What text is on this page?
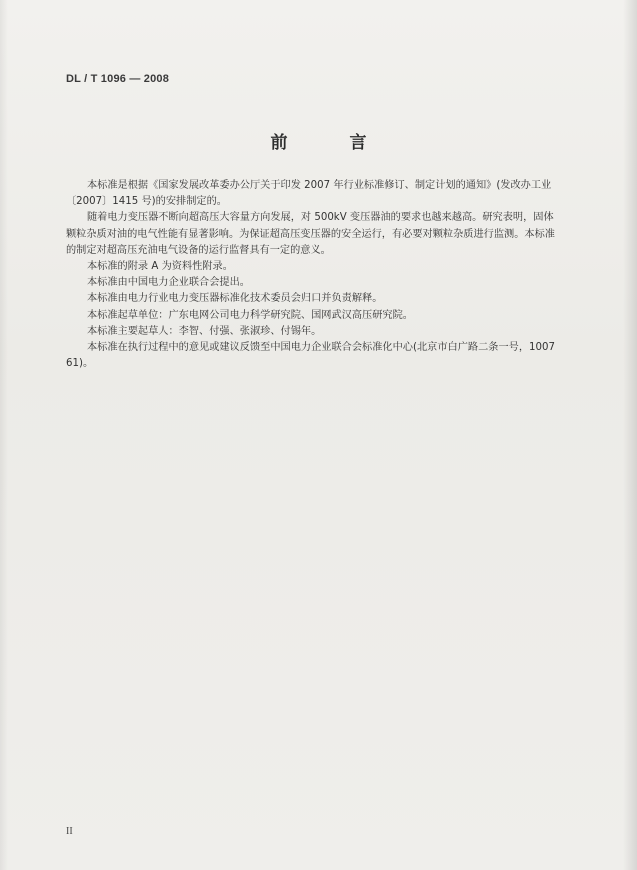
DL / T 1096 — 2008
前 言

本标准是根据《国家发展改革委办公厅关于印发 2007 年行业标准修订、制定计划的通知》(发改办工业〔2007〕1415 号)的安排制定的。

随着电力变压器不断向超高压大容量方向发展，对 500kV 变压器油的要求也越来越高。研究表明，固体颗粒杂质对油的电气性能有显著影响。为保证超高压变压器的安全运行，有必要对颗粒杂质进行监测。本标准的制定对超高压充油电气设备的运行监督具有一定的意义。

本标准的附录 A 为资料性附录。

本标准由中国电力企业联合会提出。

本标准由电力行业电力变压器标准化技术委员会归口并负责解释。

本标准起草单位：广东电网公司电力科学研究院、国网武汉高压研究院。

本标准主要起草人：李智、付强、张淑珍、付锡年。

本标准在执行过程中的意见或建议反馈至中国电力企业联合会标准化中心(北京市白广路二条一号，100761)。

II
